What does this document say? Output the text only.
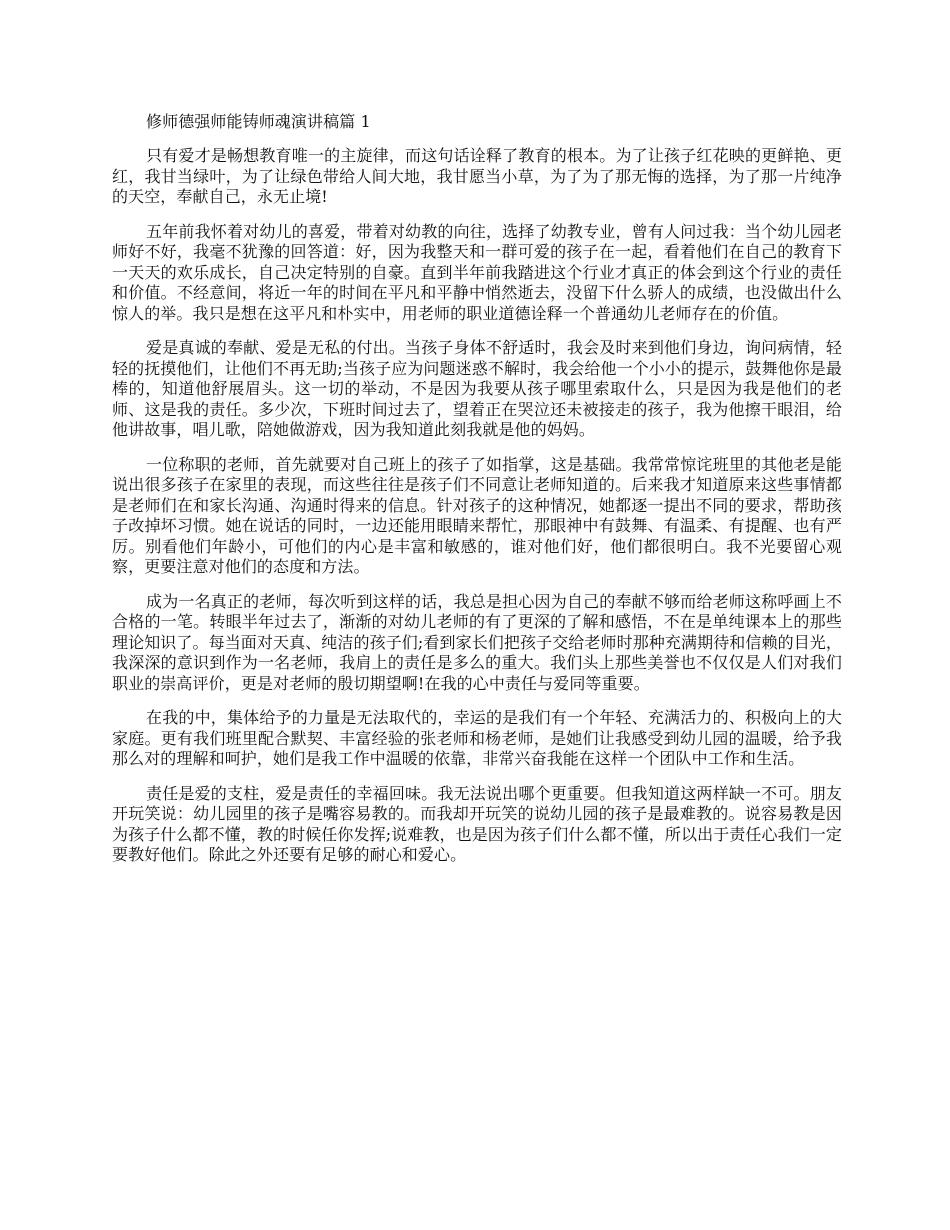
修师德强师能铸师魂演讲稿篇 1

只有爱才是畅想教育唯一的主旋律，而这句话诠释了教育的根本。为了让孩子红花映的更鲜艳、更红，我甘当绿叶，为了让绿色带给人间大地，我甘愿当小草，为了为了那无悔的选择，为了那一片纯净的天空，奉献自己，永无止境!

五年前我怀着对幼儿的喜爱，带着对幼教的向往，选择了幼教专业，曾有人问过我：当个幼儿园老师好不好，我毫不犹豫的回答道：好，因为我整天和一群可爱的孩子在一起，看着他们在自己的教育下一天天的欢乐成长，自己决定特别的自豪。直到半年前我踏进这个行业才真正的体会到这个行业的责任和价值。不经意间，将近一年的时间在平凡和平静中悄然逝去，没留下什么骄人的成绩，也没做出什么惊人的举。我只是想在这平凡和朴实中，用老师的职业道德诠释一个普通幼儿老师存在的价值。

爱是真诚的奉献、爱是无私的付出。当孩子身体不舒适时，我会及时来到他们身边，询问病情，轻轻的抚摸他们，让他们不再无助;当孩子应为问题迷惑不解时，我会给他一个小小的提示，鼓舞他你是最棒的，知道他舒展眉头。这一切的举动，不是因为我要从孩子哪里索取什么，只是因为我是他们的老师、这是我的责任。多少次，下班时间过去了，望着正在哭泣还未被接走的孩子，我为他擦干眼泪，给他讲故事，唱儿歌，陪她做游戏，因为我知道此刻我就是他的妈妈。

一位称职的老师，首先就要对自己班上的孩子了如指掌，这是基础。我常常惊诧班里的其他老是能说出很多孩子在家里的表现，而这些往往是孩子们不同意让老师知道的。后来我才知道原来这些事情都是老师们在和家长沟通、沟通时得来的信息。针对孩子的这种情况，她都逐一提出不同的要求，帮助孩子改掉坏习惯。她在说话的同时，一边还能用眼睛来帮忙，那眼神中有鼓舞、有温柔、有提醒、也有严厉。别看他们年龄小，可他们的内心是丰富和敏感的，谁对他们好，他们都很明白。我不光要留心观察，更要注意对他们的态度和方法。

成为一名真正的老师，每次听到这样的话，我总是担心因为自己的奉献不够而给老师这称呼画上不合格的一笔。转眼半年过去了，渐渐的对幼儿老师的有了更深的了解和感悟，不在是单纯课本上的那些理论知识了。每当面对天真、纯洁的孩子们;看到家长们把孩子交给老师时那种充满期待和信赖的目光，我深深的意识到作为一名老师，我肩上的责任是多么的重大。我们头上那些美誉也不仅仅是人们对我们职业的崇高评价，更是对老师的殷切期望啊!在我的心中责任与爱同等重要。

在我的中，集体给予的力量是无法取代的，幸运的是我们有一个年轻、充满活力的、积极向上的大家庭。更有我们班里配合默契、丰富经验的张老师和杨老师，是她们让我感受到幼儿园的温暖，给予我那么对的理解和呵护，她们是我工作中温暖的依靠，非常兴奋我能在这样一个团队中工作和生活。

责任是爱的支柱，爱是责任的幸福回味。我无法说出哪个更重要。但我知道这两样缺一不可。朋友开玩笑说：幼儿园里的孩子是嘴容易教的。而我却开玩笑的说幼儿园的孩子是最难教的。说容易教是因为孩子什么都不懂，教的时候任你发挥;说难教，也是因为孩子们什么都不懂，所以出于责任心我们一定要教好他们。除此之外还要有足够的耐心和爱心。
